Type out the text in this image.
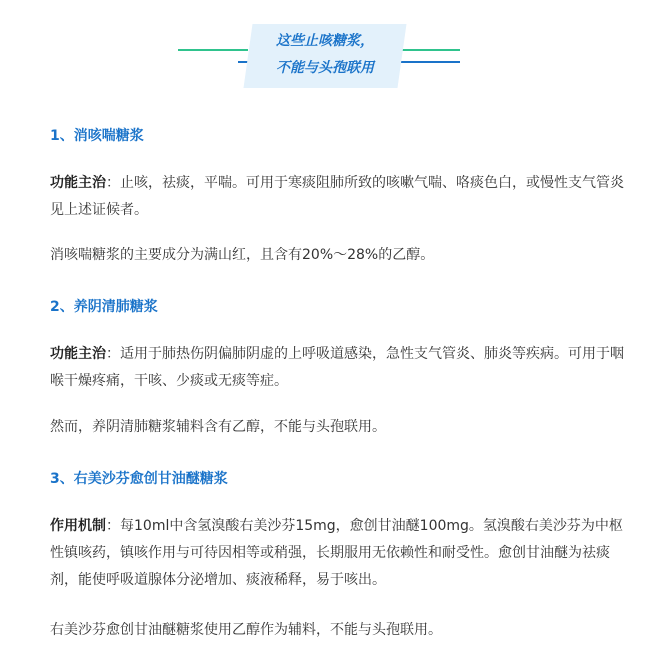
这些止咳糖浆，
不能与头孢联用
1、消咳喘糖浆

功能主治：止咳，祛痰，平喘。可用于寒痰阻肺所致的咳嗽气喘、咯痰色白，或慢性支气管炎见上述证候者。

消咳喘糖浆的主要成分为满山红，且含有20%～28%的乙醇。

2、养阴清肺糖浆

功能主治：适用于肺热伤阴偏肺阴虚的上呼吸道感染，急性支气管炎、肺炎等疾病。可用于咽喉干燥疼痛，干咳、少痰或无痰等症。

然而，养阴清肺糖浆辅料含有乙醇，不能与头孢联用。

3、右美沙芬愈创甘油醚糖浆

作用机制：每10ml中含氢溴酸右美沙芬15mg，愈创甘油醚100mg。氢溴酸右美沙芬为中枢性镇咳药，镇咳作用与可待因相等或稍强，长期服用无依赖性和耐受性。愈创甘油醚为祛痰剂，能使呼吸道腺体分泌增加、痰液稀释，易于咳出。

右美沙芬愈创甘油醚糖浆使用乙醇作为辅料，不能与头孢联用。
